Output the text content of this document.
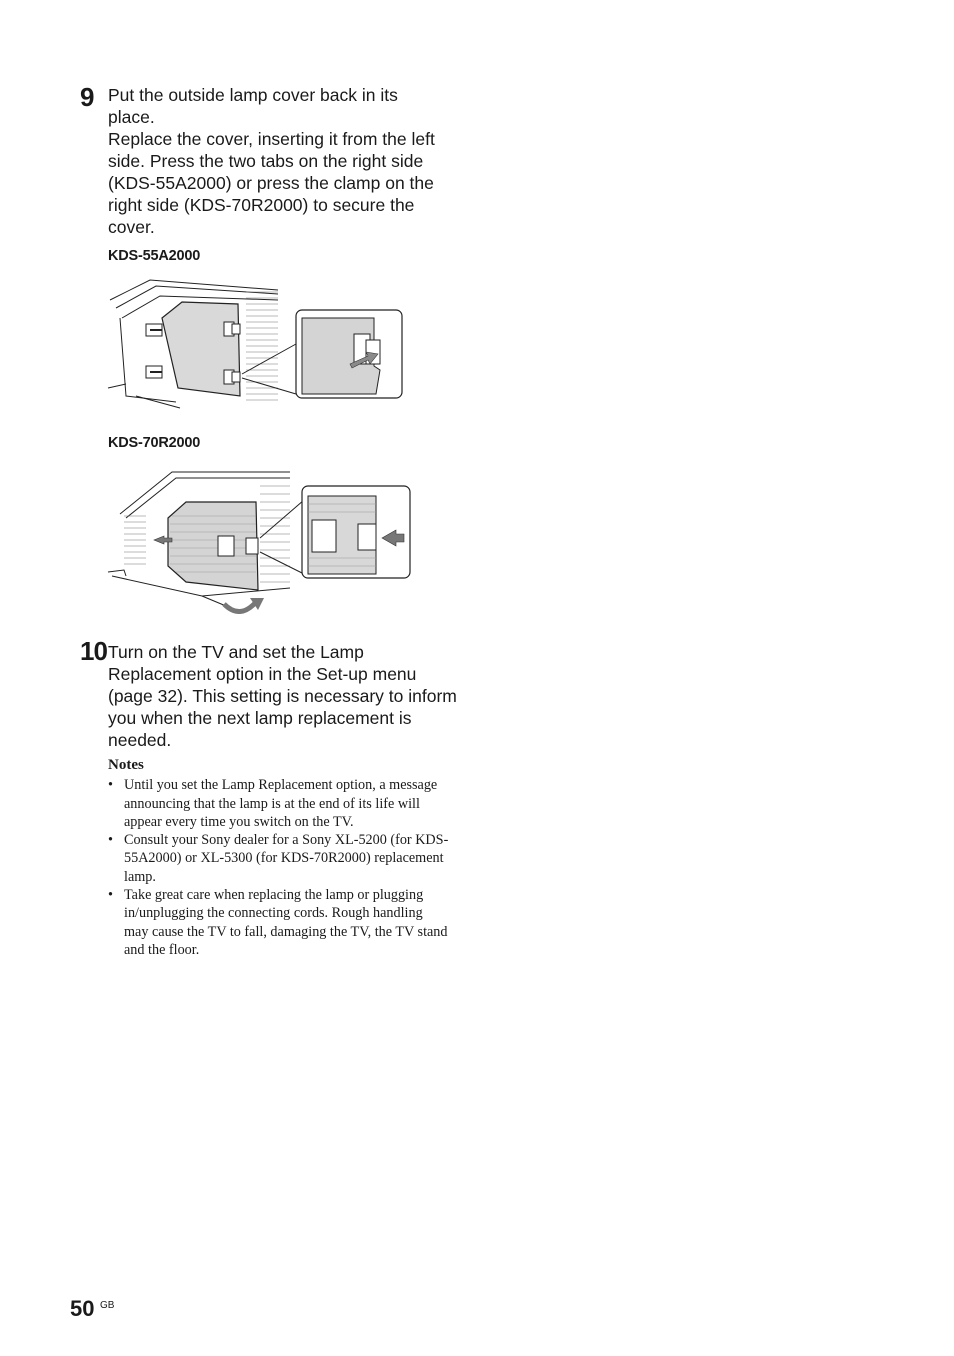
9 Put the outside lamp cover back in its

place.

Replace the cover, inserting it from the left side. Press the two tabs on the right side (KDS-55A2000) or press the clamp on the right side (KDS-70R2000) to secure the cover.

KDS-55A2000
KDS-70R2000
10 Turn on the TV and set the Lamp Replacement option in the Set-up menu (page 32). This setting is necessary to inform you when the next lamp replacement is needed.

Notes
• Until you set the Lamp Replacement option, a message announcing that the lamp is at the end of its life will appear every time you switch on the TV.
• Consult your Sony dealer for a Sony XL-5200 (for KDS-55A2000) or XL-5300 (for KDS-70R2000) replacement lamp.
• Take great care when replacing the lamp or plugging in/unplugging the connecting cords. Rough handling may cause the TV to fall, damaging the TV, the TV stand and the floor.
50 GB
